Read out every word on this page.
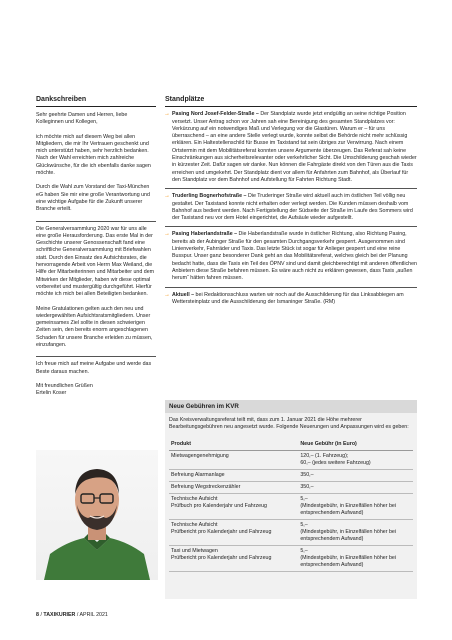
Dankschreiben

Sehr geehrte Damen und Herren, liebe Kolleginnen und Kollegen,

ich möchte mich auf diesem Weg bei allen Mitgliedern, die mir Ihr Vertrauen geschenkt und mich unterstützt haben, sehr herzlich bedanken. Nach der Wahl erreichten mich zahlreiche Glückwünsche, für die ich ebenfalls danke sagen möchte.

Durch die Wahl zum Vorstand der Taxi-München eG haben Sie mir eine große Verantwortung und eine wichtige Aufgabe für die Zukunft unserer Branche erteilt.

Die Generalversammlung 2020 war für uns alle eine große Herausforderung. Das erste Mal in der Geschichte unserer Genossenschaft fand eine schriftliche Generalversammlung mit Briefwahlen statt. Durch den Einsatz des Aufsichtsrates, die hervorragende Arbeit von Herrn Max Weiland, die Hilfe der Mitarbeiterinnen und Mitarbeiter und dem Mitwirken der Mitglieder, haben wir diese optimal vorbereitet und mustergültig durchgeführt. Hierfür möchte ich mich bei allen Beteiligten bedanken.

Meine Gratulationen gelten auch den neu und wiedergewählten Aufsichtsratsmitgliedern. Unser gemeinsames Ziel sollte in diesen schwierigen Zeiten sein, den bereits enorm angeschlagenen Schaden für unsere Branche erleiden zu müssen, einzufangen.

Ich freue mich auf meine Aufgabe und werde das Beste daraus machen.

Mit freundlichen Grüßen
Ertelin Koser

Standplätze
→ Pasing Nord Josef-Felder-Straße – Der Standplatz wurde jetzt endgültig an seine richtige Position versetzt. Unser Antrag schon vor Jahren sah eine Bereinigung des gesamten Standplatzes vor: Verkürzung auf ein notwendiges Maß und Verlegung vor die Glastüren. Warum er – für uns überraschend – an eine andere Stelle verlegt wurde, konnte selbst die Behörde nicht mehr schlüssig erklären. Ein Haltestellenschild für Busse im Taxistand tat sein übriges zur Verwirrung. Nach einem Ortstermin mit dem Mobilitätsreferat konnten unsere Argumente überzeugen. Das Referat sah keine Einschränkungen aus sicherheitsrelevanter oder verkehrlicher Sicht. Die Umschilderung geschah wieder in kürzester Zeit. Dafür sagen wir danke. Nun können die Fahrgäste direkt von den Türen aus die Taxis erreichen und umgekehrt. Der Standplatz dient vor allem für Anfahrten zum Bahnhof, als Überlauf für den Standplatz vor dem Bahnhof und Aufstellung für Fahrten Richtung Stadt.
→ Truderling Bognerhofstraße – Die Truderinger Straße wird aktuell auch im östlichen Teil völlig neu gestaltet. Der Taxistand konnte nicht erhalten oder verlegt werden. Die Kunden müssen deshalb vom Bahnhof aus bedient werden. Nach Fertigstellung der Südseite der Straße im Laufe des Sommers wird der Taxistand neu vor dem Hotel eingerichtet, die Aufsäule wieder aufgestellt.
→ Pasing Haberlandstraße – Die Haberlandstraße wurde in östlicher Richtung, also Richtung Pasing, bereits ab der Aubinger Straße für den gesamten Durchgangsverkehr gesperrt. Ausgenommen sind Linienverkehr, Fahrräder und Taxis. Das letzte Stück ist sogar für Anlieger gesperrt und eine reine Busspur. Unser ganz besonderer Dank geht an das Mobilitätsreferat, welches gleich bei der Planung bedacht hatte, dass die Taxis ein Teil des ÖPNV sind und damit gleichberechtigt mit anderen öffentlichen Anbietern diese Straße befahren müssen. Es wäre auch nicht zu erklären gewesen, dass Taxis „außen herum“ hätten fahren müssen.
→ Aktuell – bei Redaktionsschluss warten wir noch auf die Ausschilderung für das Linksabbiegen am Wettersteinplatz und die Ausschilderung der Ismaninger Straße. (RM)
Neue Gebühren im KVR
Das Kreisverwaltungsreferat teilt mit, dass zum 1. Januar 2021 die Höhe mehrerer Bearbeitungsgebühren neu angesetzt wurde. Folgende Neuerungen und Anpassungen wird es geben:
Produkt	Neue Gebühr (in Euro)
Mietwagengenehmigung	120,– (1. Fahrzeug);
60,– (jedes weitere Fahrzeug)
Befreiung Alarmanlage	350,–
Befreiung Wegstreckenzähler	350,–
Technische Aufsicht
Prüfbuch pro Kalenderjahr und Fahrzeug	5,–
(Mindestgebühr, in Einzelfällen höher bei entsprechendem Aufwand)
Technische Aufsicht
Prüfbericht pro Kalenderjahr und Fahrzeug	5,–
(Mindestgebühr, in Einzelfällen höher bei entsprechendem Aufwand)
Taxi und Mietwagen
Prüfbericht pro Kalenderjahr und Fahrzeug	5,–
(Mindestgebühr, in Einzelfällen höher bei entsprechendem Aufwand)
8 / TAXIKURIER / APRIL 2021
